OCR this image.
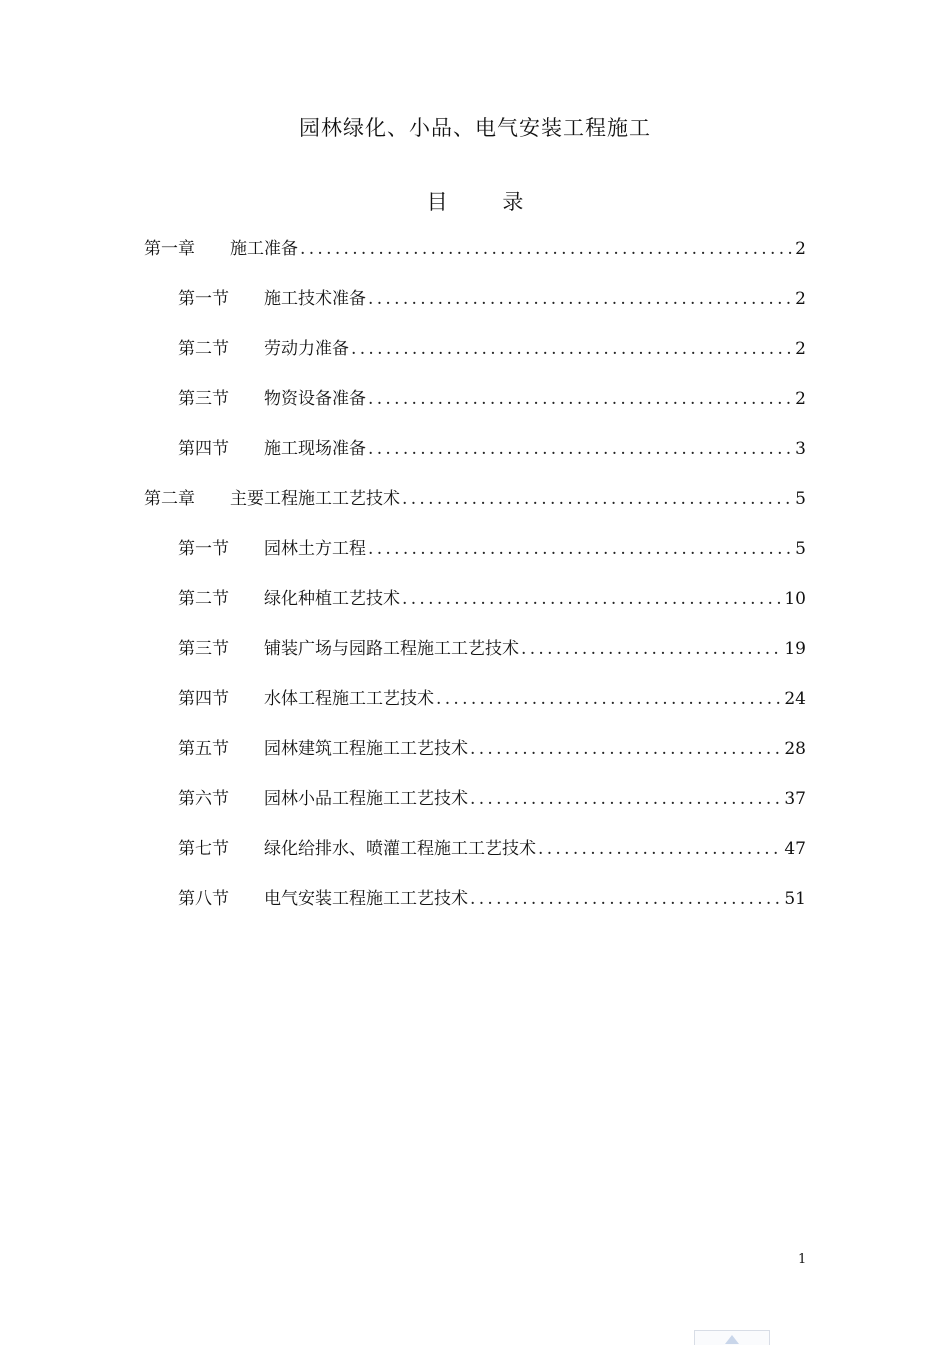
园林绿化、小品、电气安装工程施工
目 录
第一章	施工准备 .....	2
第一节	施工技术准备 .....	2
第二节	劳动力准备 .....	2
第三节	物资设备准备 .....	2
第四节	施工现场准备 .....	3
第二章	主要工程施工工艺技术 .....	5
第一节	园林土方工程 .....	5
第二节	绿化种植工艺技术 .....	10
第三节	铺装广场与园路工程施工工艺技术 .....	19
第四节	水体工程施工工艺技术 .....	24
第五节	园林建筑工程施工工艺技术 .....	28
第六节	园林小品工程施工工艺技术 .....	37
第七节	绿化给排水、喷灌工程施工工艺技术 .....	47
第八节	电气安装工程施工工艺技术 .....	51
1
